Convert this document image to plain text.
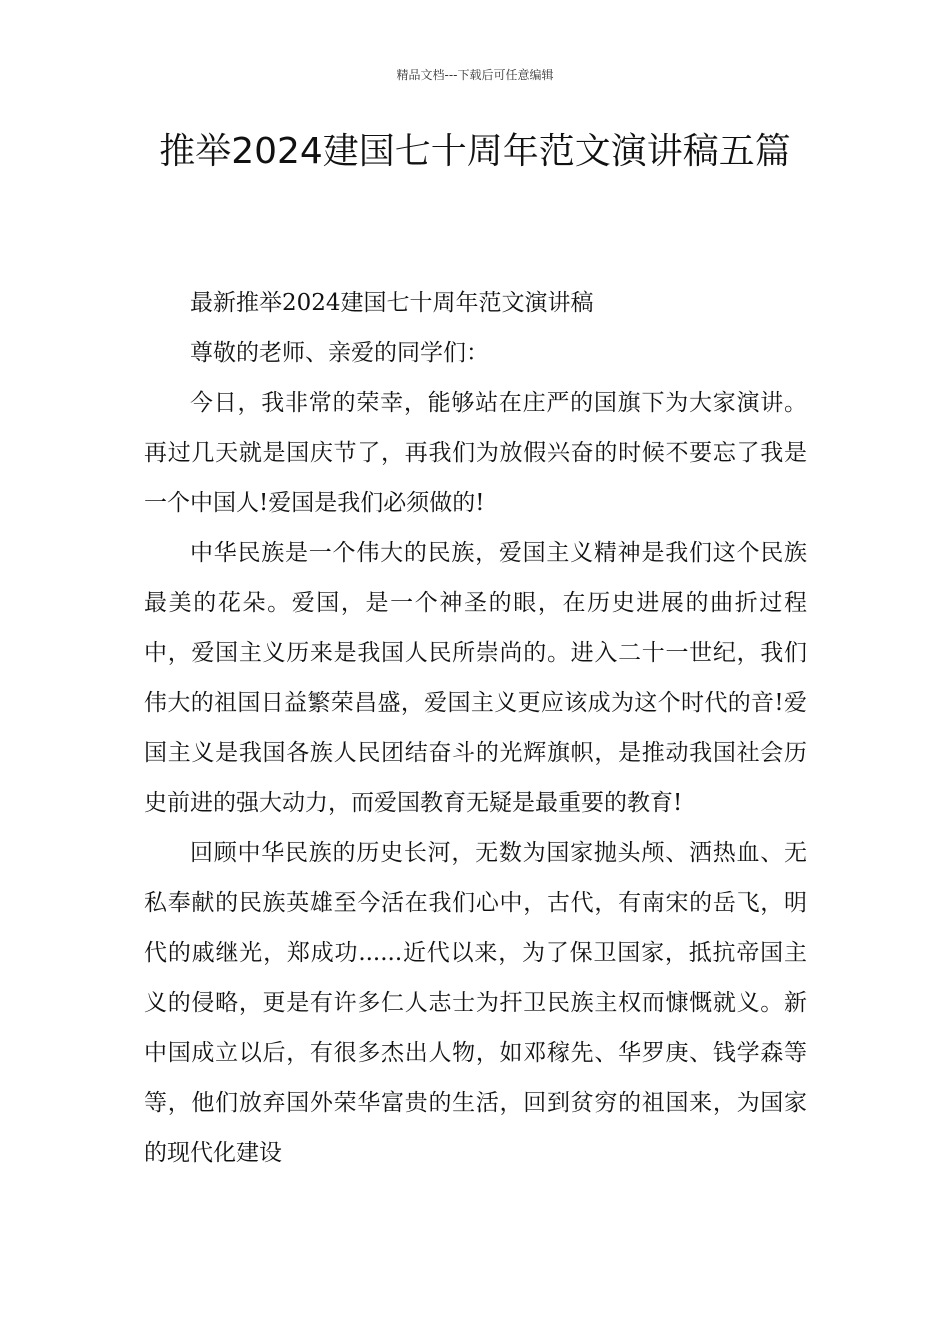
精品文档---下载后可任意编辑
推举2024建国七十周年范文演讲稿五篇

最新推举2024建国七十周年范文演讲稿

尊敬的老师、亲爱的同学们：

今日，我非常的荣幸，能够站在庄严的国旗下为大家演讲。再过几天就是国庆节了，再我们为放假兴奋的时候不要忘了我是一个中国人!爱国是我们必须做的!

中华民族是一个伟大的民族，爱国主义精神是我们这个民族最美的花朵。爱国，是一个神圣的眼，在历史进展的曲折过程中，爱国主义历来是我国人民所崇尚的。进入二十一世纪，我们伟大的祖国日益繁荣昌盛，爱国主义更应该成为这个时代的音!爱国主义是我国各族人民团结奋斗的光辉旗帜，是推动我国社会历史前进的强大动力，而爱国教育无疑是最重要的教育!

回顾中华民族的历史长河，无数为国家抛头颅、洒热血、无私奉献的民族英雄至今活在我们心中，古代，有南宋的岳飞，明代的戚继光，郑成功......近代以来，为了保卫国家，抵抗帝国主义的侵略，更是有许多仁人志士为扞卫民族主权而慷慨就义。新中国成立以后，有很多杰出人物，如邓稼先、华罗庚、钱学森等等，他们放弃国外荣华富贵的生活，回到贫穷的祖国来，为国家的现代化建设
